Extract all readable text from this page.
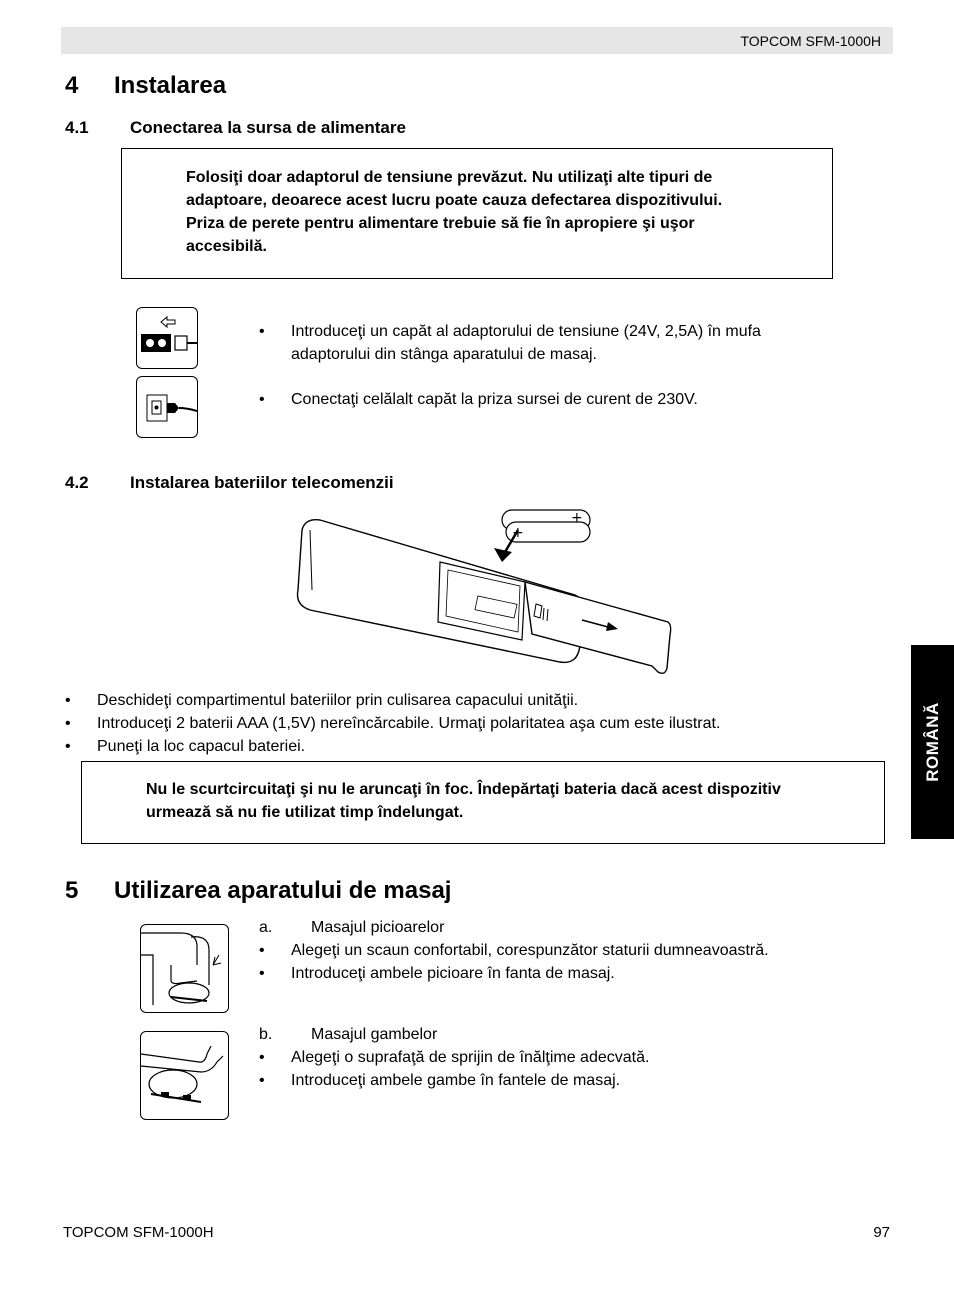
TOPCOM SFM-1000H
4 Instalarea
4.1 Conectarea la sursa de alimentare

Folosiţi doar adaptorul de tensiune prevăzut. Nu utilizaţi alte tipuri de

adaptoare, deoarece acest lucru poate cauza defectarea dispozitivului.

Priza de perete pentru alimentare trebuie să fie în apropiere şi uşor

accesibilă.

• Introduceţi un capăt al adaptorului de tensiune (24V, 2,5A) în mufa
adaptorului din stânga aparatului de masaj.
• Conectaţi celălalt capăt la priza sursei de curent de 230V.
4.2 Instalarea bateriilor telecomenzii
+
+
• Deschideţi compartimentul bateriilor prin culisarea capacului unităţii.
• Introduceţi 2 baterii AAA (1,5V) nereîncărcabile. Urmaţi polaritatea aşa cum este ilustrat.
• Puneţi la loc capacul bateriei.

Nu le scurtcircuitaţi şi nu le aruncaţi în foc. Îndepărtaţi bateria dacă acest dispozitiv

urmează să nu fie utilizat timp îndelungat.

ROMÂNĂ
5 Utilizarea aparatului de masaj
a. Masajul picioarelor
• Alegeţi un scaun confortabil, corespunzător staturii dumneavoastră.
• Introduceţi ambele picioare în fanta de masaj.
b. Masajul gambelor
• Alegeţi o suprafaţă de sprijin de înălţime adecvată.
• Introduceţi ambele gambe în fantele de masaj.
TOPCOM SFM-1000H	97
